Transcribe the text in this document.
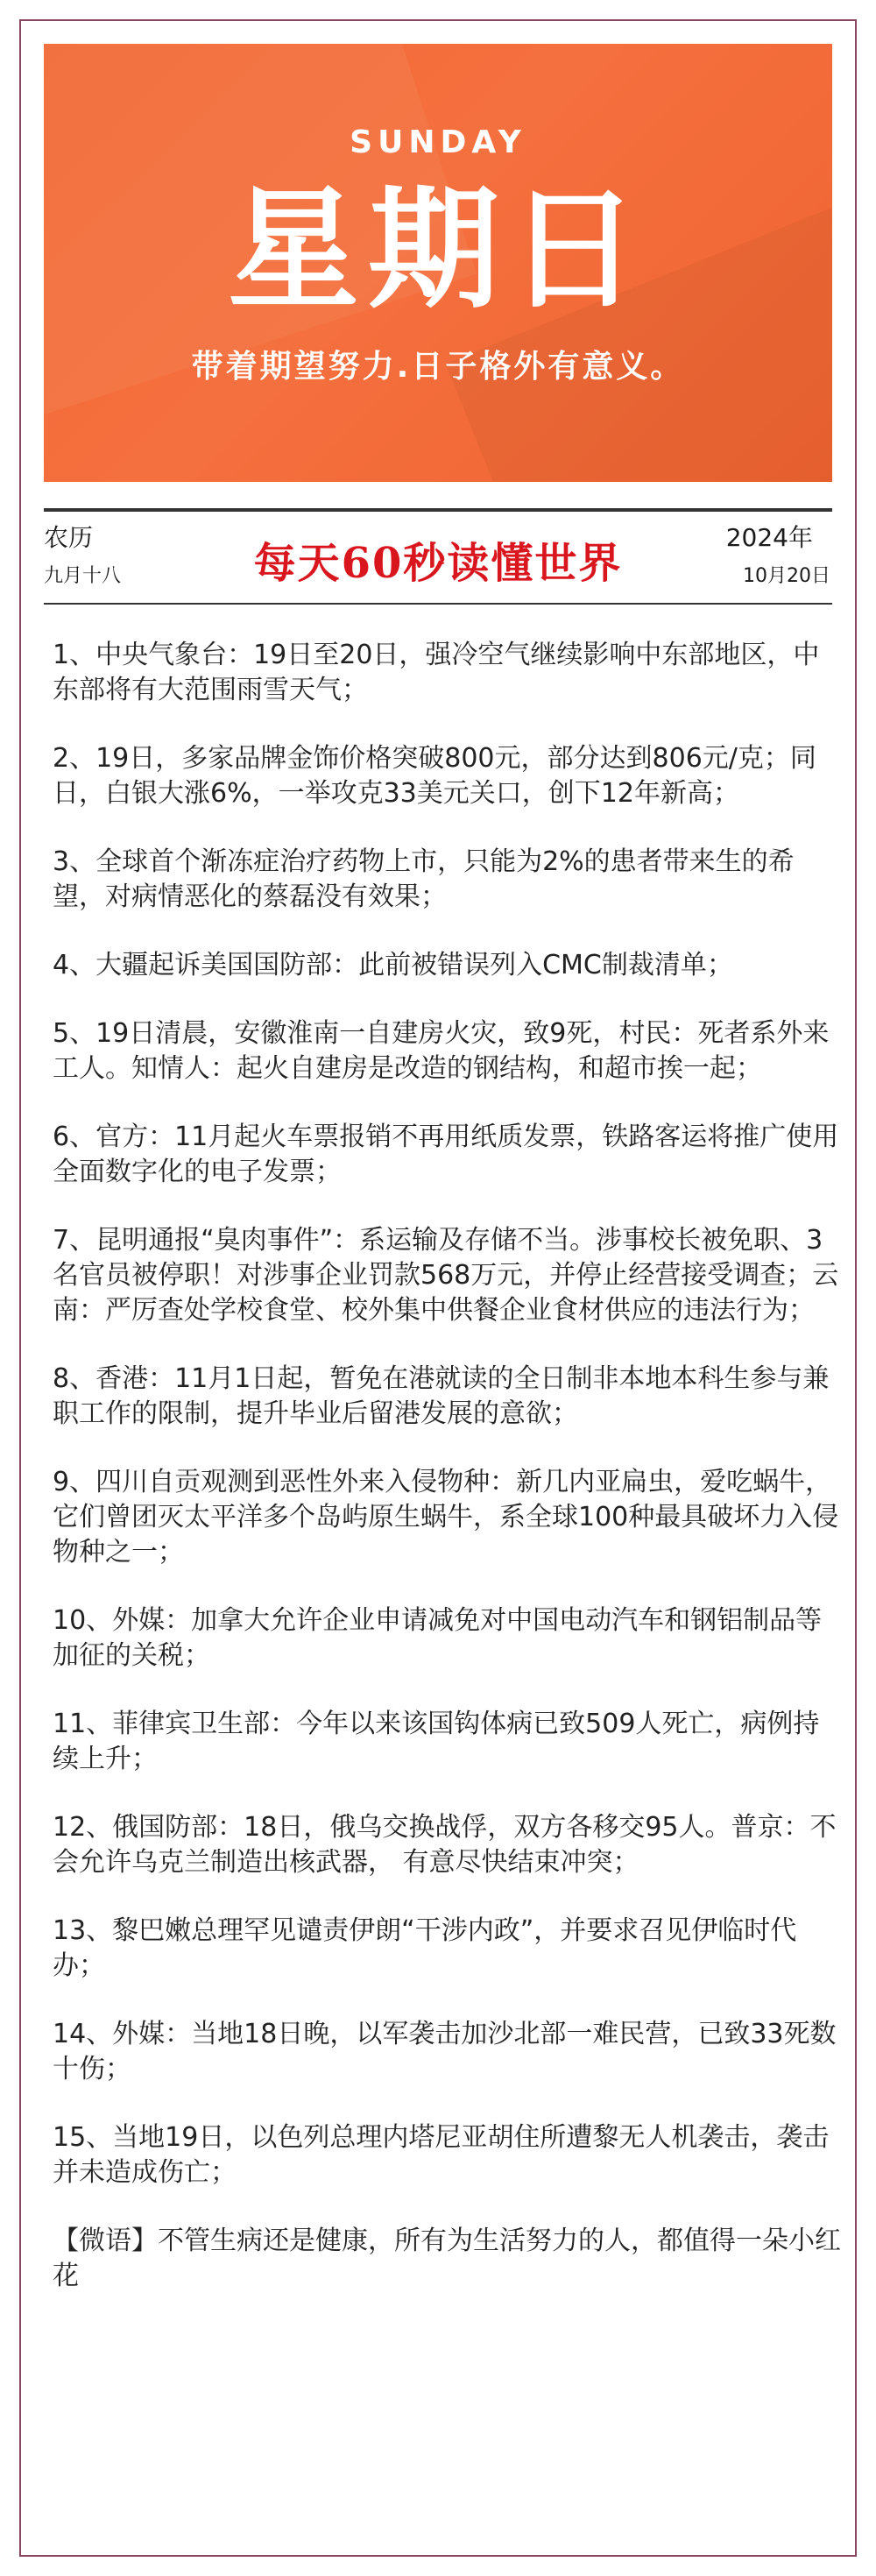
SUNDAY
星期日
带着期望努力.日子格外有意义。
农历
九月十八	每天60秒读懂世界
2024年
10月20日
1、中央气象台：19日至20日，强冷空气继续影响中东部地区，中东部将有大范围雨雪天气；
2、19日，多家品牌金饰价格突破800元，部分达到806元/克；同日，白银大涨6%，一举攻克33美元关口，创下12年新高；
3、全球首个渐冻症治疗药物上市，只能为2%的患者带来生的希望，对病情恶化的蔡磊没有效果；
4、大疆起诉美国国防部：此前被错误列入CMC制裁清单；
5、19日清晨，安徽淮南一自建房火灾，致9死，村民：死者系外来工人。知情人：起火自建房是改造的钢结构，和超市挨一起；
6、官方：11月起火车票报销不再用纸质发票，铁路客运将推广使用全面数字化的电子发票；
7、昆明通报“臭肉事件”：系运输及存储不当。涉事校长被免职、3名官员被停职！对涉事企业罚款568万元，并停止经营接受调查；云南：严厉查处学校食堂、校外集中供餐企业食材供应的违法行为；
8、香港：11月1日起，暂免在港就读的全日制非本地本科生参与兼职工作的限制，提升毕业后留港发展的意欲；
9、四川自贡观测到恶性外来入侵物种：新几内亚扁虫，爱吃蜗牛，它们曾团灭太平洋多个岛屿原生蜗牛，系全球100种最具破坏力入侵物种之一；
10、外媒：加拿大允许企业申请减免对中国电动汽车和钢铝制品等加征的关税；
11、菲律宾卫生部：今年以来该国钩体病已致509人死亡，病例持续上升；
12、俄国防部：18日，俄乌交换战俘，双方各移交95人。普京：不会允许乌克兰制造出核武器， 有意尽快结束冲突；
13、黎巴嫩总理罕见谴责伊朗“干涉内政”，并要求召见伊临时代办；
14、外媒：当地18日晚，以军袭击加沙北部一难民营，已致33死数十伤；
15、当地19日，以色列总理内塔尼亚胡住所遭黎无人机袭击，袭击并未造成伤亡；
【微语】不管生病还是健康，所有为生活努力的人，都值得一朵小红花
